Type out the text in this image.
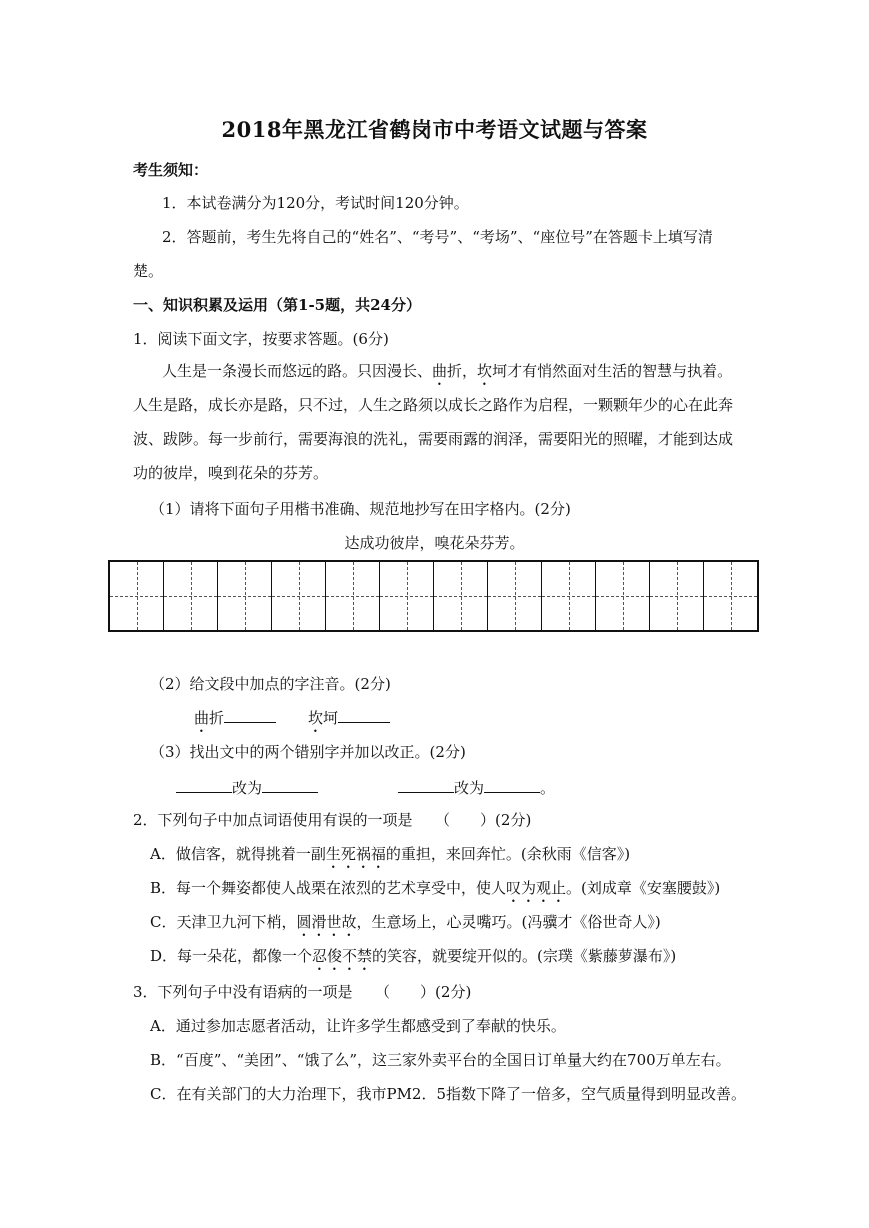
2018年黑龙江省鹤岗市中考语文试题与答案
考生须知：
1．本试卷满分为120分，考试时间120分钟。
2．答题前，考生先将自己的“姓名”、“考号”、“考场”、“座位号”在答题卡上填写清
楚。
一、知识积累及运用（第1-5题，共24分）
1．阅读下面文字，按要求答题。(6分)
人生是一条漫长而悠远的路。只因漫长、曲折，坎坷才有悄然面对生活的智慧与执着。
人生是路，成长亦是路，只不过，人生之路须以成长之路作为启程，一颗颗年少的心在此奔
波、跋陟。每一步前行，需要海浪的洗礼，需要雨露的润泽，需要阳光的照曜，才能到达成
功的彼岸，嗅到花朵的芬芳。
（1）请将下面句子用楷书准确、规范地抄写在田字格内。(2分)
达成功彼岸，嗅花朵芬芳。
（2）给文段中加点的字注音。(2分)
曲折	坎坷
（3）找出文中的两个错别字并加以改正。(2分)
改为	改为	。
2．下列句子中加点词语使用有误的一项是　　（　　）(2分)
A．做信客，就得挑着一副生死祸福的重担，来回奔忙。(余秋雨《信客》)
B．每一个舞姿都使人战栗在浓烈的艺术享受中，使人叹为观止。(刘成章《安塞腰鼓》)
C．天津卫九河下梢，圆滑世故，生意场上，心灵嘴巧。(冯骥才《俗世奇人》)
D．每一朵花，都像一个忍俊不禁的笑容，就要绽开似的。(宗璞《紫藤萝瀑布》)
3．下列句子中没有语病的一项是　　（　　）(2分)
A．通过参加志愿者活动，让许多学生都感受到了奉献的快乐。
B．“百度”、“美团”、“饿了么”，这三家外卖平台的全国日订单量大约在700万单左右。
C．在有关部门的大力治理下，我市PM2．5指数下降了一倍多，空气质量得到明显改善。
